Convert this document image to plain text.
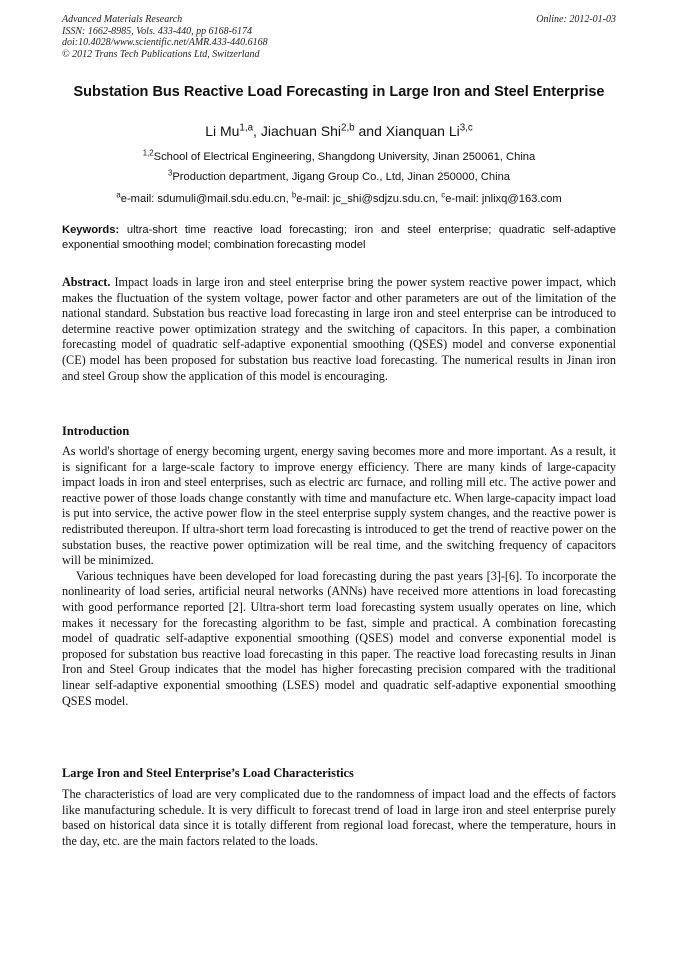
Advanced Materials Research
ISSN: 1662-8985, Vols. 433-440, pp 6168-6174
doi:10.4028/www.scientific.net/AMR.433-440.6168
© 2012 Trans Tech Publications Ltd, Switzerland
Online: 2012-01-03
Substation Bus Reactive Load Forecasting in Large Iron and Steel Enterprise
Li Mu$^{1,a}$, Jiachuan Shi$^{2,b}$ and Xianquan Li$^{3,c}$
$^{1,2}$School of Electrical Engineering, Shangdong University, Jinan 250061, China
$^3$Production department, Jigang Group Co., Ltd, Jinan 250000, China
$^a$e-mail: sdumuli@mail.sdu.edu.cn, $^b$e-mail: jc_shi@sdjzu.sdu.cn, $^c$e-mail: jnlixq@163.com
Keywords: ultra-short time reactive load forecasting; iron and steel enterprise; quadratic self-adaptive exponential smoothing model; combination forecasting model
Abstract. Impact loads in large iron and steel enterprise bring the power system reactive power impact, which makes the fluctuation of the system voltage, power factor and other parameters are out of the limitation of the national standard. Substation bus reactive load forecasting in large iron and steel enterprise can be introduced to determine reactive power optimization strategy and the switching of capacitors. In this paper, a combination forecasting model of quadratic self-adaptive exponential smoothing (QSES) model and converse exponential (CE) model has been proposed for substation bus reactive load forecasting. The numerical results in Jinan iron and steel Group show the application of this model is encouraging.
Introduction
As world's shortage of energy becoming urgent, energy saving becomes more and more important. As a result, it is significant for a large-scale factory to improve energy efficiency. There are many kinds of large-capacity impact loads in iron and steel enterprises, such as electric arc furnace, and rolling mill etc. The active power and reactive power of those loads change constantly with time and manufacture etc. When large-capacity impact load is put into service, the active power flow in the steel enterprise supply system changes, and the reactive power is redistributed thereupon. If ultra-short term load forecasting is introduced to get the trend of reactive power on the substation buses, the reactive power optimization will be real time, and the switching frequency of capacitors will be minimized.
Various techniques have been developed for load forecasting during the past years [3]-[6]. To incorporate the nonlinearity of load series, artificial neural networks (ANNs) have received more attentions in load forecasting with good performance reported [2]. Ultra-short term load forecasting system usually operates on line, which makes it necessary for the forecasting algorithm to be fast, simple and practical. A combination forecasting model of quadratic self-adaptive exponential smoothing (QSES) model and converse exponential model is proposed for substation bus reactive load forecasting in this paper. The reactive load forecasting results in Jinan Iron and Steel Group indicates that the model has higher forecasting precision compared with the traditional linear self-adaptive exponential smoothing (LSES) model and quadratic self-adaptive exponential smoothing QSES model.
Large Iron and Steel Enterprise’s Load Characteristics
The characteristics of load are very complicated due to the randomness of impact load and the effects of factors like manufacturing schedule. It is very difficult to forecast trend of load in large iron and steel enterprise purely based on historical data since it is totally different from regional load forecast, where the temperature, hours in the day, etc. are the main factors related to the loads.
